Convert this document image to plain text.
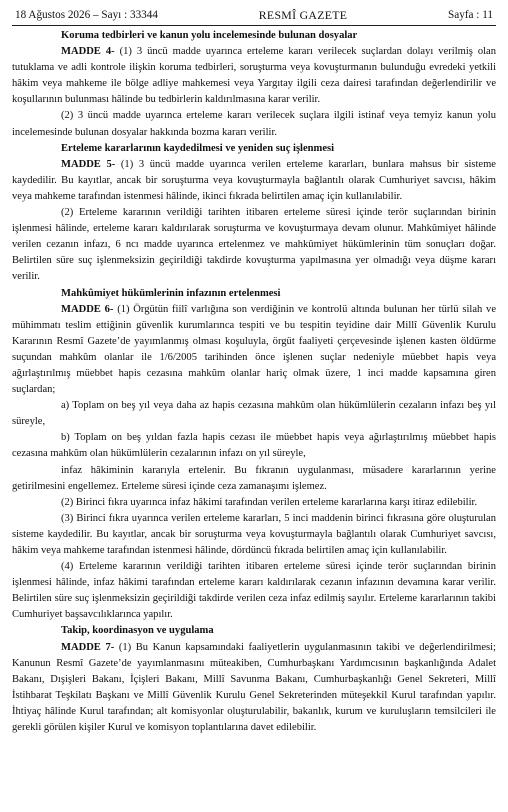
18 Ağustos 2026 – Sayı : 33344	RESMÎ GAZETE	Sayfa : 11
Koruma tedbirleri ve kanun yolu incelemesinde bulunan dosyalar

MADDE 4- (1) 3 üncü madde uyarınca erteleme kararı verilecek suçlardan dolayı verilmiş olan tutuklama ve adli kontrole ilişkin koruma tedbirleri, soruşturma veya kovuşturmanın bulunduğu evredeki yetkili hâkim veya mahkeme ile bölge adliye mahkemesi veya Yargıtay ilgili ceza dairesi tarafından değerlendirilir ve koşullarının bulunması hâlinde bu tedbirlerin kaldırılmasına karar verilir.

(2) 3 üncü madde uyarınca erteleme kararı verilecek suçlara ilgili istinaf veya temyiz kanun yolu incelemesinde bulunan dosyalar hakkında bozma kararı verilir.

Erteleme kararlarının kaydedilmesi ve yeniden suç işlenmesi

MADDE 5- (1) 3 üncü madde uyarınca verilen erteleme kararları, bunlara mahsus bir sisteme kaydedilir. Bu kayıtlar, ancak bir soruşturma veya kovuşturmayla bağlantılı olarak Cumhuriyet savcısı, hâkim veya mahkeme tarafından istenmesi hâlinde, ikinci fıkrada belirtilen amaç için kullanılabilir.

(2) Erteleme kararının verildiği tarihten itibaren erteleme süresi içinde terör suçlarından birinin işlenmesi hâlinde, erteleme kararı kaldırılarak soruşturma ve kovuşturmaya devam olunur. Mahkûmiyet hâlinde verilen cezanın infazı, 6 ncı madde uyarınca ertelenmez ve mahkûmiyet hükümlerinin tüm sonuçları doğar. Belirtilen süre suç işlenmeksizin geçirildiği takdirde kovuşturma yapılmasına yer olmadığı veya düşme kararı verilir.

Mahkûmiyet hükümlerinin infazının ertelenmesi

MADDE 6- (1) Örgütün fiilî varlığına son verdiğinin ve kontrolü altında bulunan her türlü silah ve mühimmatı teslim ettiğinin güvenlik kurumlarınca tespiti ve bu tespitin teyidine dair Millî Güvenlik Kurulu Kararının Resmî Gazete’de yayımlanmış olması koşuluyla, örgüt faaliyeti çerçevesinde işlenen kasten öldürme suçundan mahkûm olanlar ile 1/6/2005 tarihinden önce işlenen suçlar nedeniyle müebbet hapis veya ağırlaştırılmış müebbet hapis cezasına mahkûm olanlar hariç olmak üzere, 1 inci madde kapsamına giren suçlardan;

a) Toplam on beş yıl veya daha az hapis cezasına mahkûm olan hükümlülerin cezaların infazı beş yıl süreyle,

b) Toplam on beş yıldan fazla hapis cezası ile müebbet hapis veya ağırlaştırılmış müebbet hapis cezasına mahkûm olan hükümlülerin cezalarının infazı on yıl süreyle,

infaz hâkiminin kararıyla ertelenir. Bu fıkranın uygulanması, müsadere kararlarının yerine getirilmesini engellemez. Erteleme süresi içinde ceza zamanaşımı işlemez.

(2) Birinci fıkra uyarınca infaz hâkimi tarafından verilen erteleme kararlarına karşı itiraz edilebilir.

(3) Birinci fıkra uyarınca verilen erteleme kararları, 5 inci maddenin birinci fıkrasına göre oluşturulan sisteme kaydedilir. Bu kayıtlar, ancak bir soruşturma veya kovuşturmayla bağlantılı olarak Cumhuriyet savcısı, hâkim veya mahkeme tarafından istenmesi hâlinde, dördüncü fıkrada belirtilen amaç için kullanılabilir.

(4) Erteleme kararının verildiği tarihten itibaren erteleme süresi içinde terör suçlarından birinin işlenmesi hâlinde, infaz hâkimi tarafından erteleme kararı kaldırılarak cezanın infazının devamına karar verilir. Belirtilen süre suç işlenmeksizin geçirildiği takdirde verilen ceza infaz edilmiş sayılır. Erteleme kararlarının takibi Cumhuriyet başsavcılıklarınca yapılır.

Takip, koordinasyon ve uygulama

MADDE 7- (1) Bu Kanun kapsamındaki faaliyetlerin uygulanmasının takibi ve değerlendirilmesi; Kanunun Resmî Gazete’de yayımlanmasını müteakiben, Cumhurbaşkanı Yardımcısının başkanlığında Adalet Bakanı, Dışişleri Bakanı, İçişleri Bakanı, Millî Savunma Bakanı, Cumhurbaşkanlığı Genel Sekreteri, Millî İstihbarat Teşkilatı Başkanı ve Millî Güvenlik Kurulu Genel Sekreterinden müteşekkil Kurul tarafından yapılır. İhtiyaç hâlinde Kurul tarafından; alt komisyonlar oluşturulabilir, bakanlık, kurum ve kuruluşların temsilcileri ile gerekli görülen kişiler Kurul ve komisyon toplantılarına davet edilebilir.
